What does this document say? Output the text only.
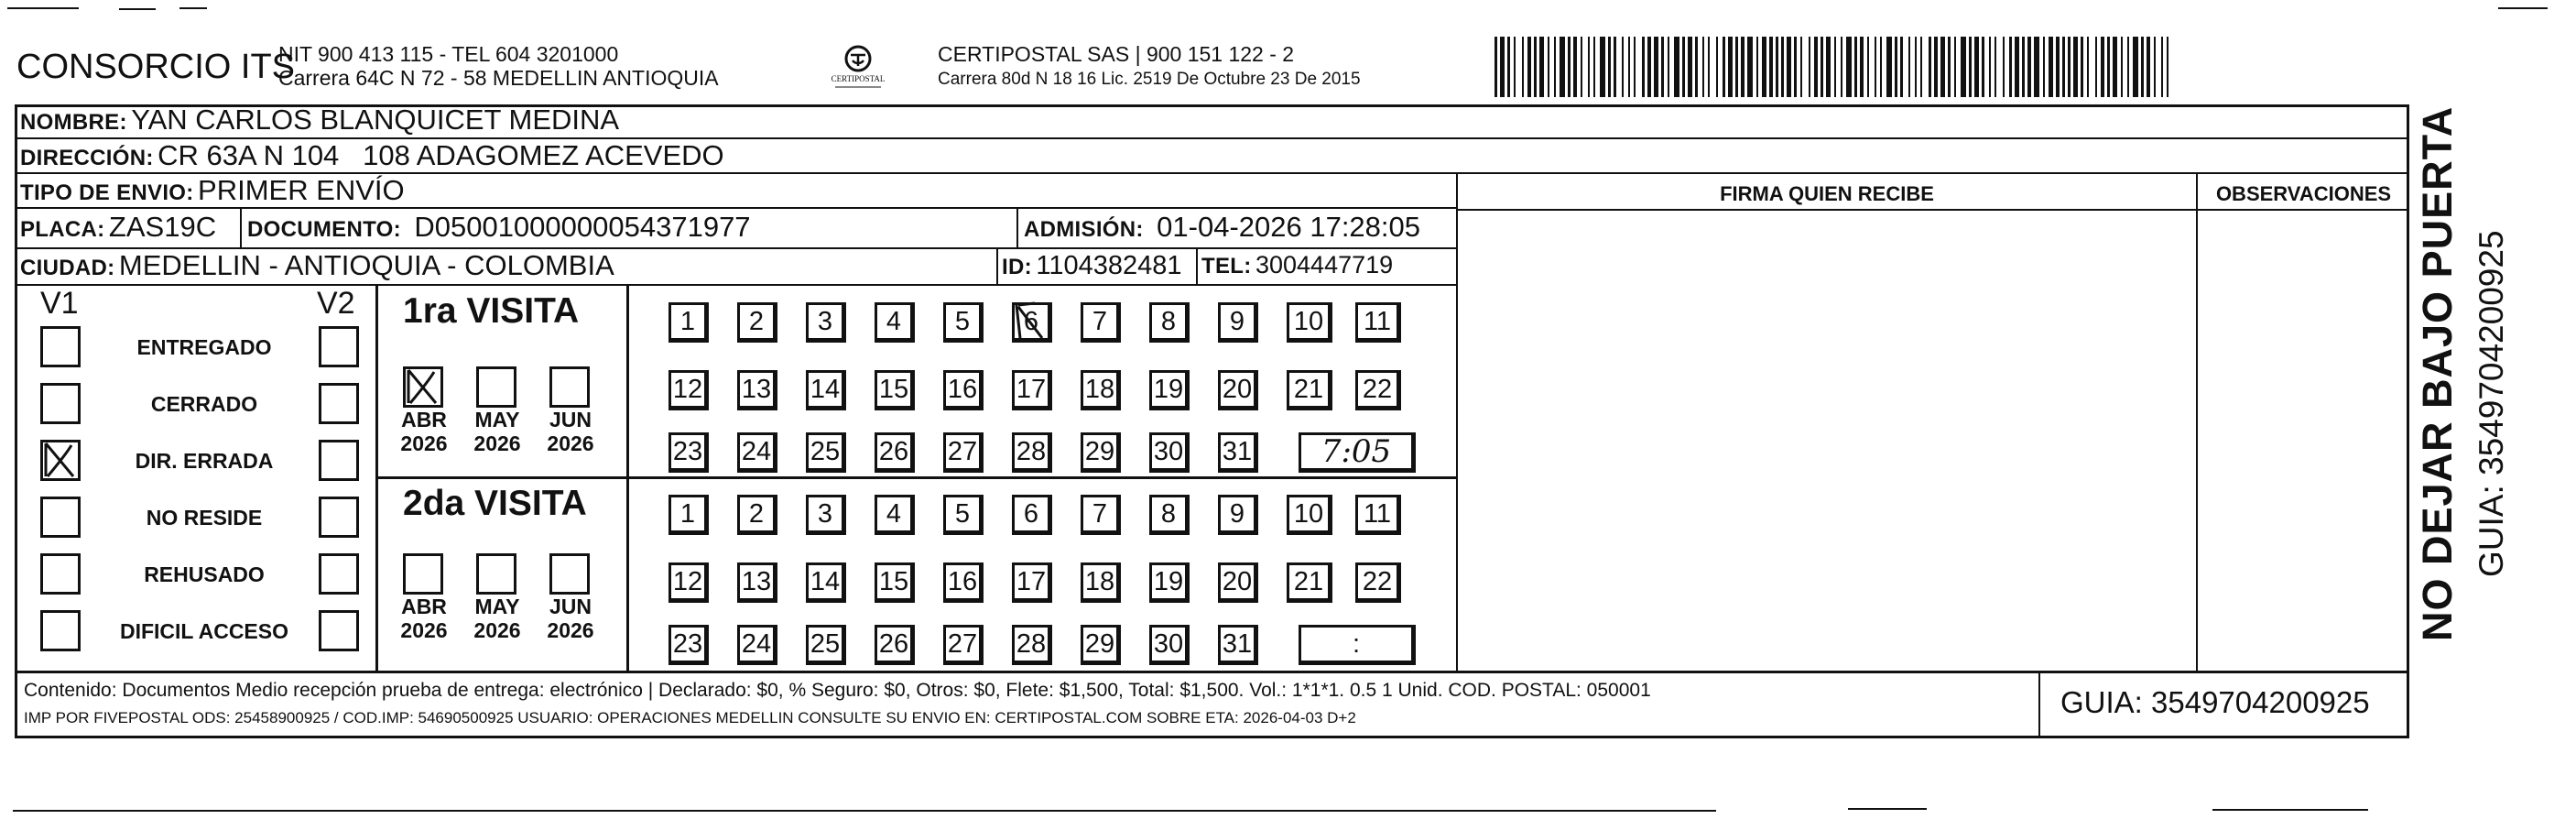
CONSORCIO ITS
NIT 900 413 115 - TEL 604 3201000
Carrera 64C N 72 - 58 MEDELLIN ANTIOQUIA	CERTIPOSTAL
CERTIPOSTAL SAS | 900 151 122 - 2
Carrera 80d N 18 16 Lic. 2519 De Octubre 23 De 2015
NOMBRE: YAN CARLOS BLANQUICET MEDINA
DIRECCIÓN: CR 63A N 104   108 ADAGOMEZ ACEVEDO
TIPO DE ENVIO: PRIMER ENVÍO
PLACA: ZAS19C DOCUMENTO: D05001000000054371977	ADMISIÓN: 01-04-2026 17:28:05
CIUDAD: MEDELLIN - ANTIOQUIA - COLOMBIA	ID: 1104382481 TEL: 3004447719
FIRMA QUIEN RECIBE	OBSERVACIONES
V1	V2 1ra VISITA
2da VISITA
Contenido: Documentos Medio recepción prueba de entrega: electrónico | Declarado: $0, % Seguro: $0, Otros: $0, Flete: $1,500, Total: $1,500. Vol.: 1*1*1. 0.5 1 Unid. COD. POSTAL: 050001
IMP POR FIVEPOSTAL ODS: 25458900925 / COD.IMP: 54690500925 USUARIO: OPERACIONES MEDELLIN CONSULTE SU ENVIO EN: CERTIPOSTAL.COM SOBRE ETA: 2026-04-03 D+2	GUIA: 3549704200925
NO DEJAR BAJO PUERTA GUIA: 3549704200925
ENTREGADO
CERRADO
DIR. ERRADA
NO RESIDE
REHUSADO
DIFICIL ACCESO
ABR
2026
MAY
2026
JUN
2026
ABR
2026
MAY
2026
JUN
2026
1	2	3	4	5	6	7	8	9	10	11
12 13 14 15 16 17 18 19 20 21	22
23 24 25 26 27 28 29 30 31	7:05
1	2	3	4	5	6	7	8	9	10	11
12 13 14 15 16 17 18 19 20 21	22
23 24 25 26 27 28 29 30 31	:
